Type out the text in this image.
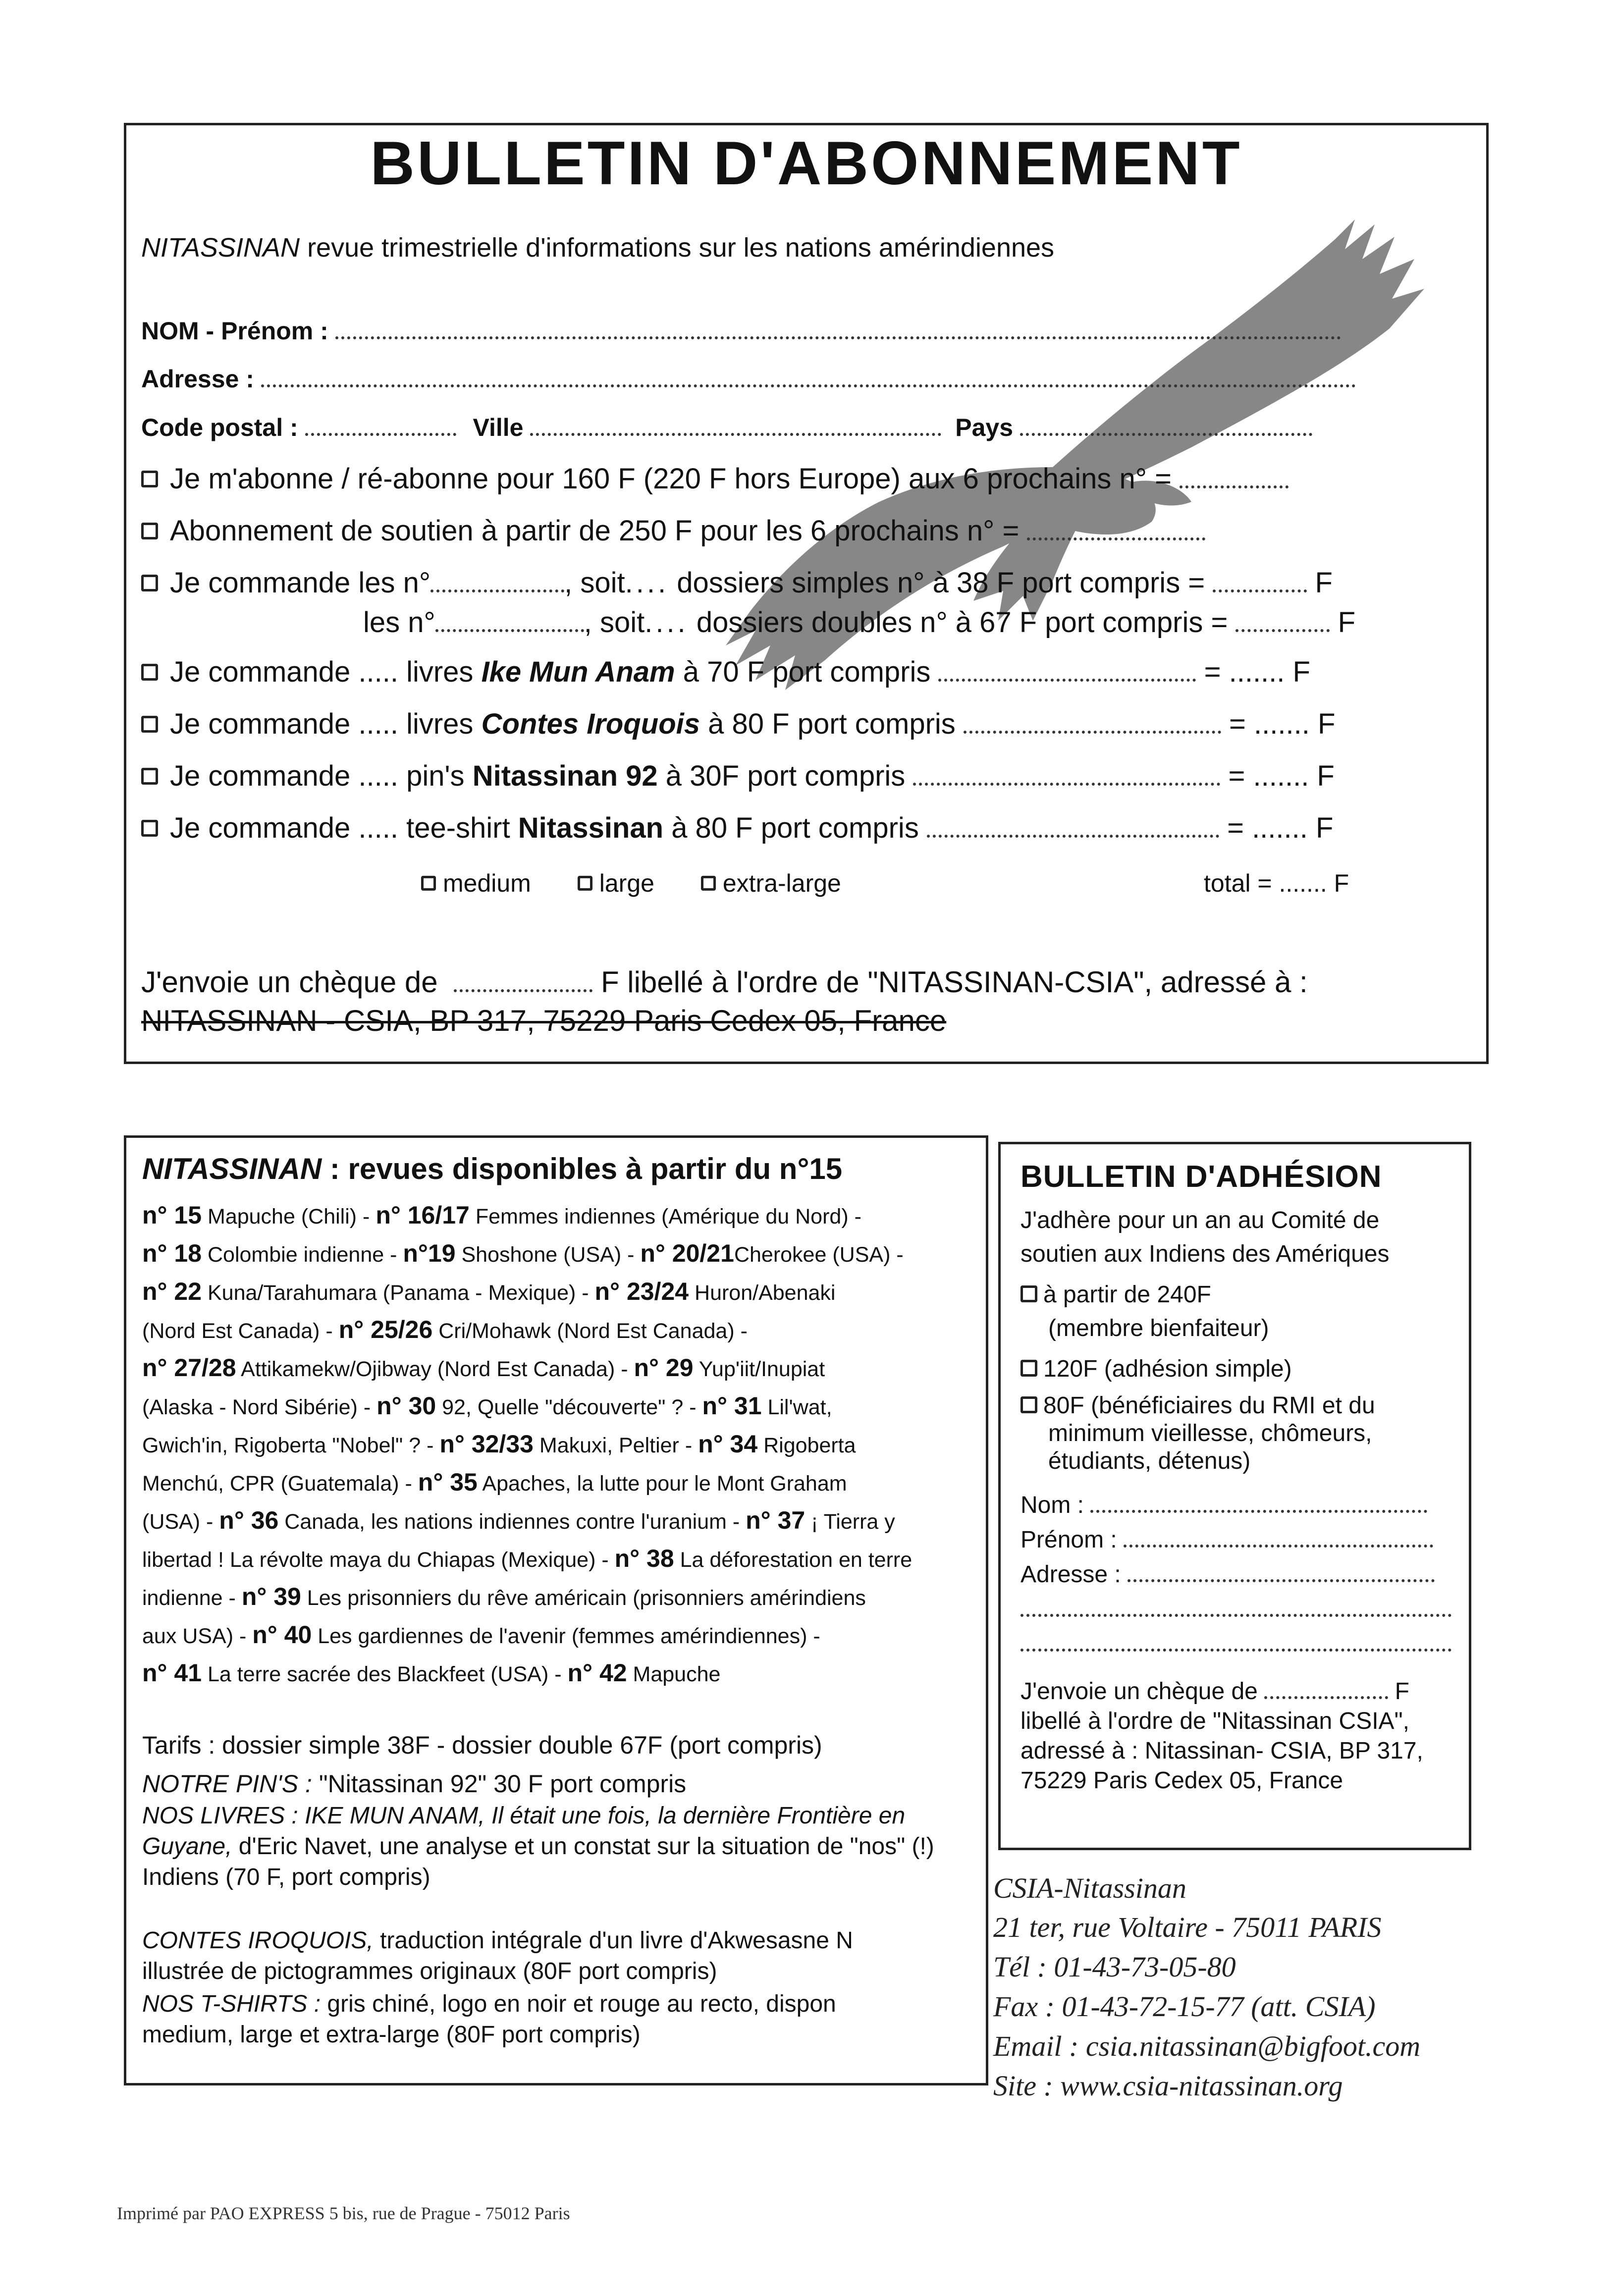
BULLETIN D'ABONNEMENT
NITASSINAN revue trimestrielle d'informations sur les nations amérindiennes
NOM - Prénom :
Adresse :
Code postal :	Ville	Pays
Je m'abonne / ré-abonne pour 160 F (220 F hors Europe) aux 6 prochains n° =
Abonnement de soutien à partir de 250 F pour les 6 prochains n° =
Je commande les n°	, soit.... dossiers simples n° à 38 F port compris =	F
les n°	, soit.... dossiers doubles n° à 67 F port compris =	F
Je commande ..... livres Ike Mun Anam à 70 F port compris	= ....... F
Je commande ..... livres Contes Iroquois à 80 F port compris	= ....... F
Je commande ..... pin's Nitassinan 92 à 30F port compris	= ....... F
Je commande ..... tee-shirt Nitassinan à 80 F port compris	= ....... F
medium	large	extra-large	total = ....... F
J'envoie un chèque de	F libellé à l'ordre de "NITASSINAN-CSIA", adressé à :
NITASSINAN - CSIA, BP 317, 75229 Paris Cedex 05, France
NITASSINAN : revues disponibles à partir du n°15
n° 15 Mapuche (Chili) - n° 16/17 Femmes indiennes (Amérique du Nord) -
n° 18 Colombie indienne - n°19 Shoshone (USA) - n° 20/21Cherokee (USA) -
n° 22 Kuna/Tarahumara (Panama - Mexique) - n° 23/24 Huron/Abenaki
(Nord Est Canada) - n° 25/26 Cri/Mohawk (Nord Est Canada) -
n° 27/28 Attikamekw/Ojibway (Nord Est Canada) - n° 29 Yup'iit/Inupiat
(Alaska - Nord Sibérie) - n° 30 92, Quelle "découverte" ? - n° 31 Lil'wat,
Gwich'in, Rigoberta "Nobel" ? - n° 32/33 Makuxi, Peltier - n° 34 Rigoberta
Menchú, CPR (Guatemala) - n° 35 Apaches, la lutte pour le Mont Graham
(USA) - n° 36 Canada, les nations indiennes contre l'uranium - n° 37 ¡ Tierra y
libertad ! La révolte maya du Chiapas (Mexique) - n° 38 La déforestation en terre
indienne - n° 39 Les prisonniers du rêve américain (prisonniers amérindiens
aux USA) - n° 40 Les gardiennes de l'avenir (femmes amérindiennes) -
n° 41 La terre sacrée des Blackfeet (USA) - n° 42 Mapuche
Tarifs : dossier simple 38F - dossier double 67F (port compris)
NOTRE PIN'S : "Nitassinan 92" 30 F port compris
NOS LIVRES : IKE MUN ANAM, Il était une fois, la dernière Frontière en Guyane, d'Eric Navet, une analyse et un constat sur la situation de "nos" (!) Indiens (70 F, port compris)
CONTES IROQUOIS, traduction intégrale d'un livre d'Akwesasne N
illustrée de pictogrammes originaux (80F port compris)
NOS T-SHIRTS : gris chiné, logo en noir et rouge au recto, dispon
medium, large et extra-large (80F port compris)
BULLETIN D'ADHÉSION
J'adhère pour un an au Comité de soutien aux Indiens des Amériques
à partir de 240F
(membre bienfaiteur)
120F (adhésion simple)
80F (bénéficiaires du RMI et du minimum vieillesse, chômeurs, étudiants, détenus)
Nom :
Prénom :
Adresse :
J'envoie un chèque de	F libellé à l'ordre de "Nitassinan CSIA", adressé à : Nitassinan- CSIA, BP 317, 75229 Paris Cedex 05, France
CSIA-Nitassinan
21 ter, rue Voltaire - 75011 PARIS
Tél : 01-43-73-05-80
Fax : 01-43-72-15-77 (att. CSIA)
Email : csia.nitassinan@bigfoot.com
Site : www.csia-nitassinan.org
Imprimé par PAO EXPRESS 5 bis, rue de Prague - 75012 Paris
